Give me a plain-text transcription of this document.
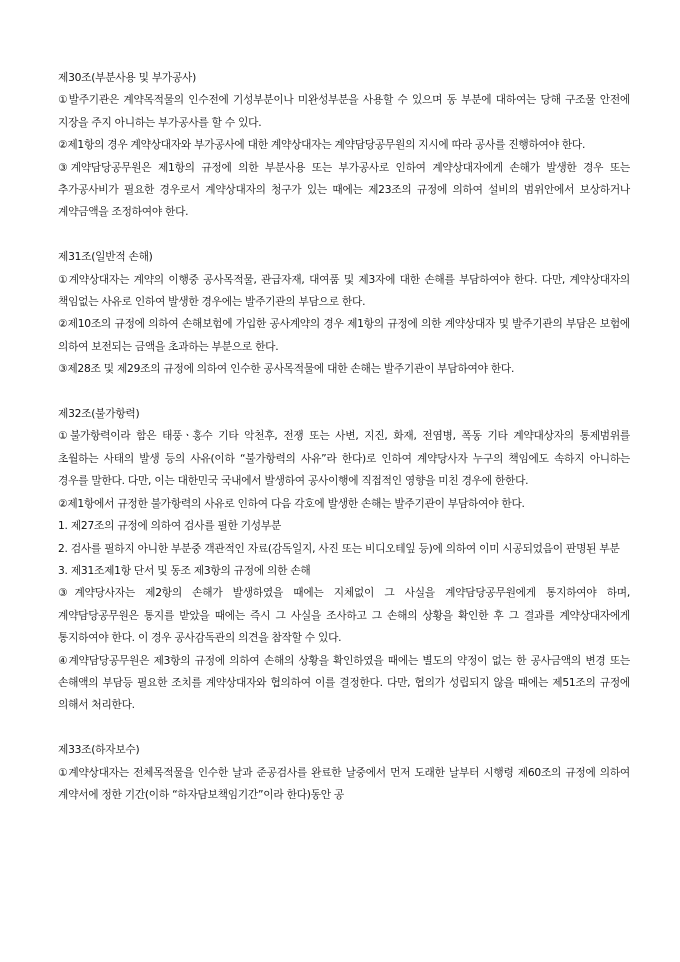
제30조(부분사용 및 부가공사)
①발주기관은 계약목적물의 인수전에 기성부분이나 미완성부분을 사용할 수 있으며 동 부분에 대하여는 당해 구조물 안전에 지장을 주지 아니하는 부가공사를 할 수 있다.
②제1항의 경우 계약상대자와 부가공사에 대한 계약상대자는 계약담당공무원의 지시에 따라 공사를 진행하여야 한다.
③계약담당공무원은 제1항의 규정에 의한 부분사용 또는 부가공사로 인하여 계약상대자에게 손해가 발생한 경우 또는 추가공사비가 필요한 경우로서 계약상대자의 청구가 있는 때에는 제23조의 규정에 의하여 설비의 범위안에서 보상하거나 계약금액을 조정하여야 한다.
제31조(일반적 손해)
①계약상대자는 계약의 이행중 공사목적물, 관급자재, 대여품 및 제3자에 대한 손해를 부담하여야 한다. 다만, 계약상대자의 책임없는 사유로 인하여 발생한 경우에는 발주기관의 부담으로 한다.
②제10조의 규정에 의하여 손해보험에 가입한 공사계약의 경우 제1항의 규정에 의한 계약상대자 및 발주기관의 부담은 보험에 의하여 보전되는 금액을 초과하는 부분으로 한다.
③제28조 및 제29조의 규정에 의하여 인수한 공사목적물에 대한 손해는 발주기관이 부담하여야 한다.
제32조(불가항력)
①불가항력이라 함은 태풍ㆍ홍수 기타 악천후, 전쟁 또는 사변, 지진, 화재, 전염병, 폭동 기타 계약대상자의 통제범위를 초월하는 사태의 발생 등의 사유(이하 “불가항력의 사유”라 한다)로 인하여 계약당사자 누구의 책임에도 속하지 아니하는 경우를 말한다. 다만, 이는 대한민국 국내에서 발생하여 공사이행에 직접적인 영향을 미친 경우에 한한다.
②제1항에서 규정한 불가항력의 사유로 인하여 다음 각호에 발생한 손해는 발주기관이 부담하여야 한다.
1. 제27조의 규정에 의하여 검사를 필한 기성부분
2. 검사를 필하지 아니한 부분중 객관적인 자료(감독일지, 사진 또는 비디오테잎 등)에 의하여 이미 시공되었음이 판명된 부분
3. 제31조제1항 단서 및 동조 제3항의 규정에 의한 손해
③계약당사자는 제2항의 손해가 발생하였을 때에는 지체없이 그 사실을 계약담당공무원에게 통지하여야 하며, 계약담당공무원은 통지를 받았을 때에는 즉시 그 사실을 조사하고 그 손해의 상황을 확인한 후 그 결과를 계약상대자에게 통지하여야 한다. 이 경우 공사감독관의 의견을 참작할 수 있다.
④계약담당공무원은 제3항의 규정에 의하여 손해의 상황을 확인하였을 때에는 별도의 약정이 없는 한 공사금액의 변경 또는 손해액의 부담등 필요한 조치를 계약상대자와 협의하여 이를 결정한다. 다만, 협의가 성립되지 않을 때에는 제51조의 규정에 의해서 처리한다.
제33조(하자보수)
①계약상대자는 전체목적물을 인수한 날과 준공검사를 완료한 날중에서 먼저 도래한 날부터 시행령 제60조의 규정에 의하여 계약서에 정한 기간(이하 “하자담보책임기간”이라 한다)동안 공
